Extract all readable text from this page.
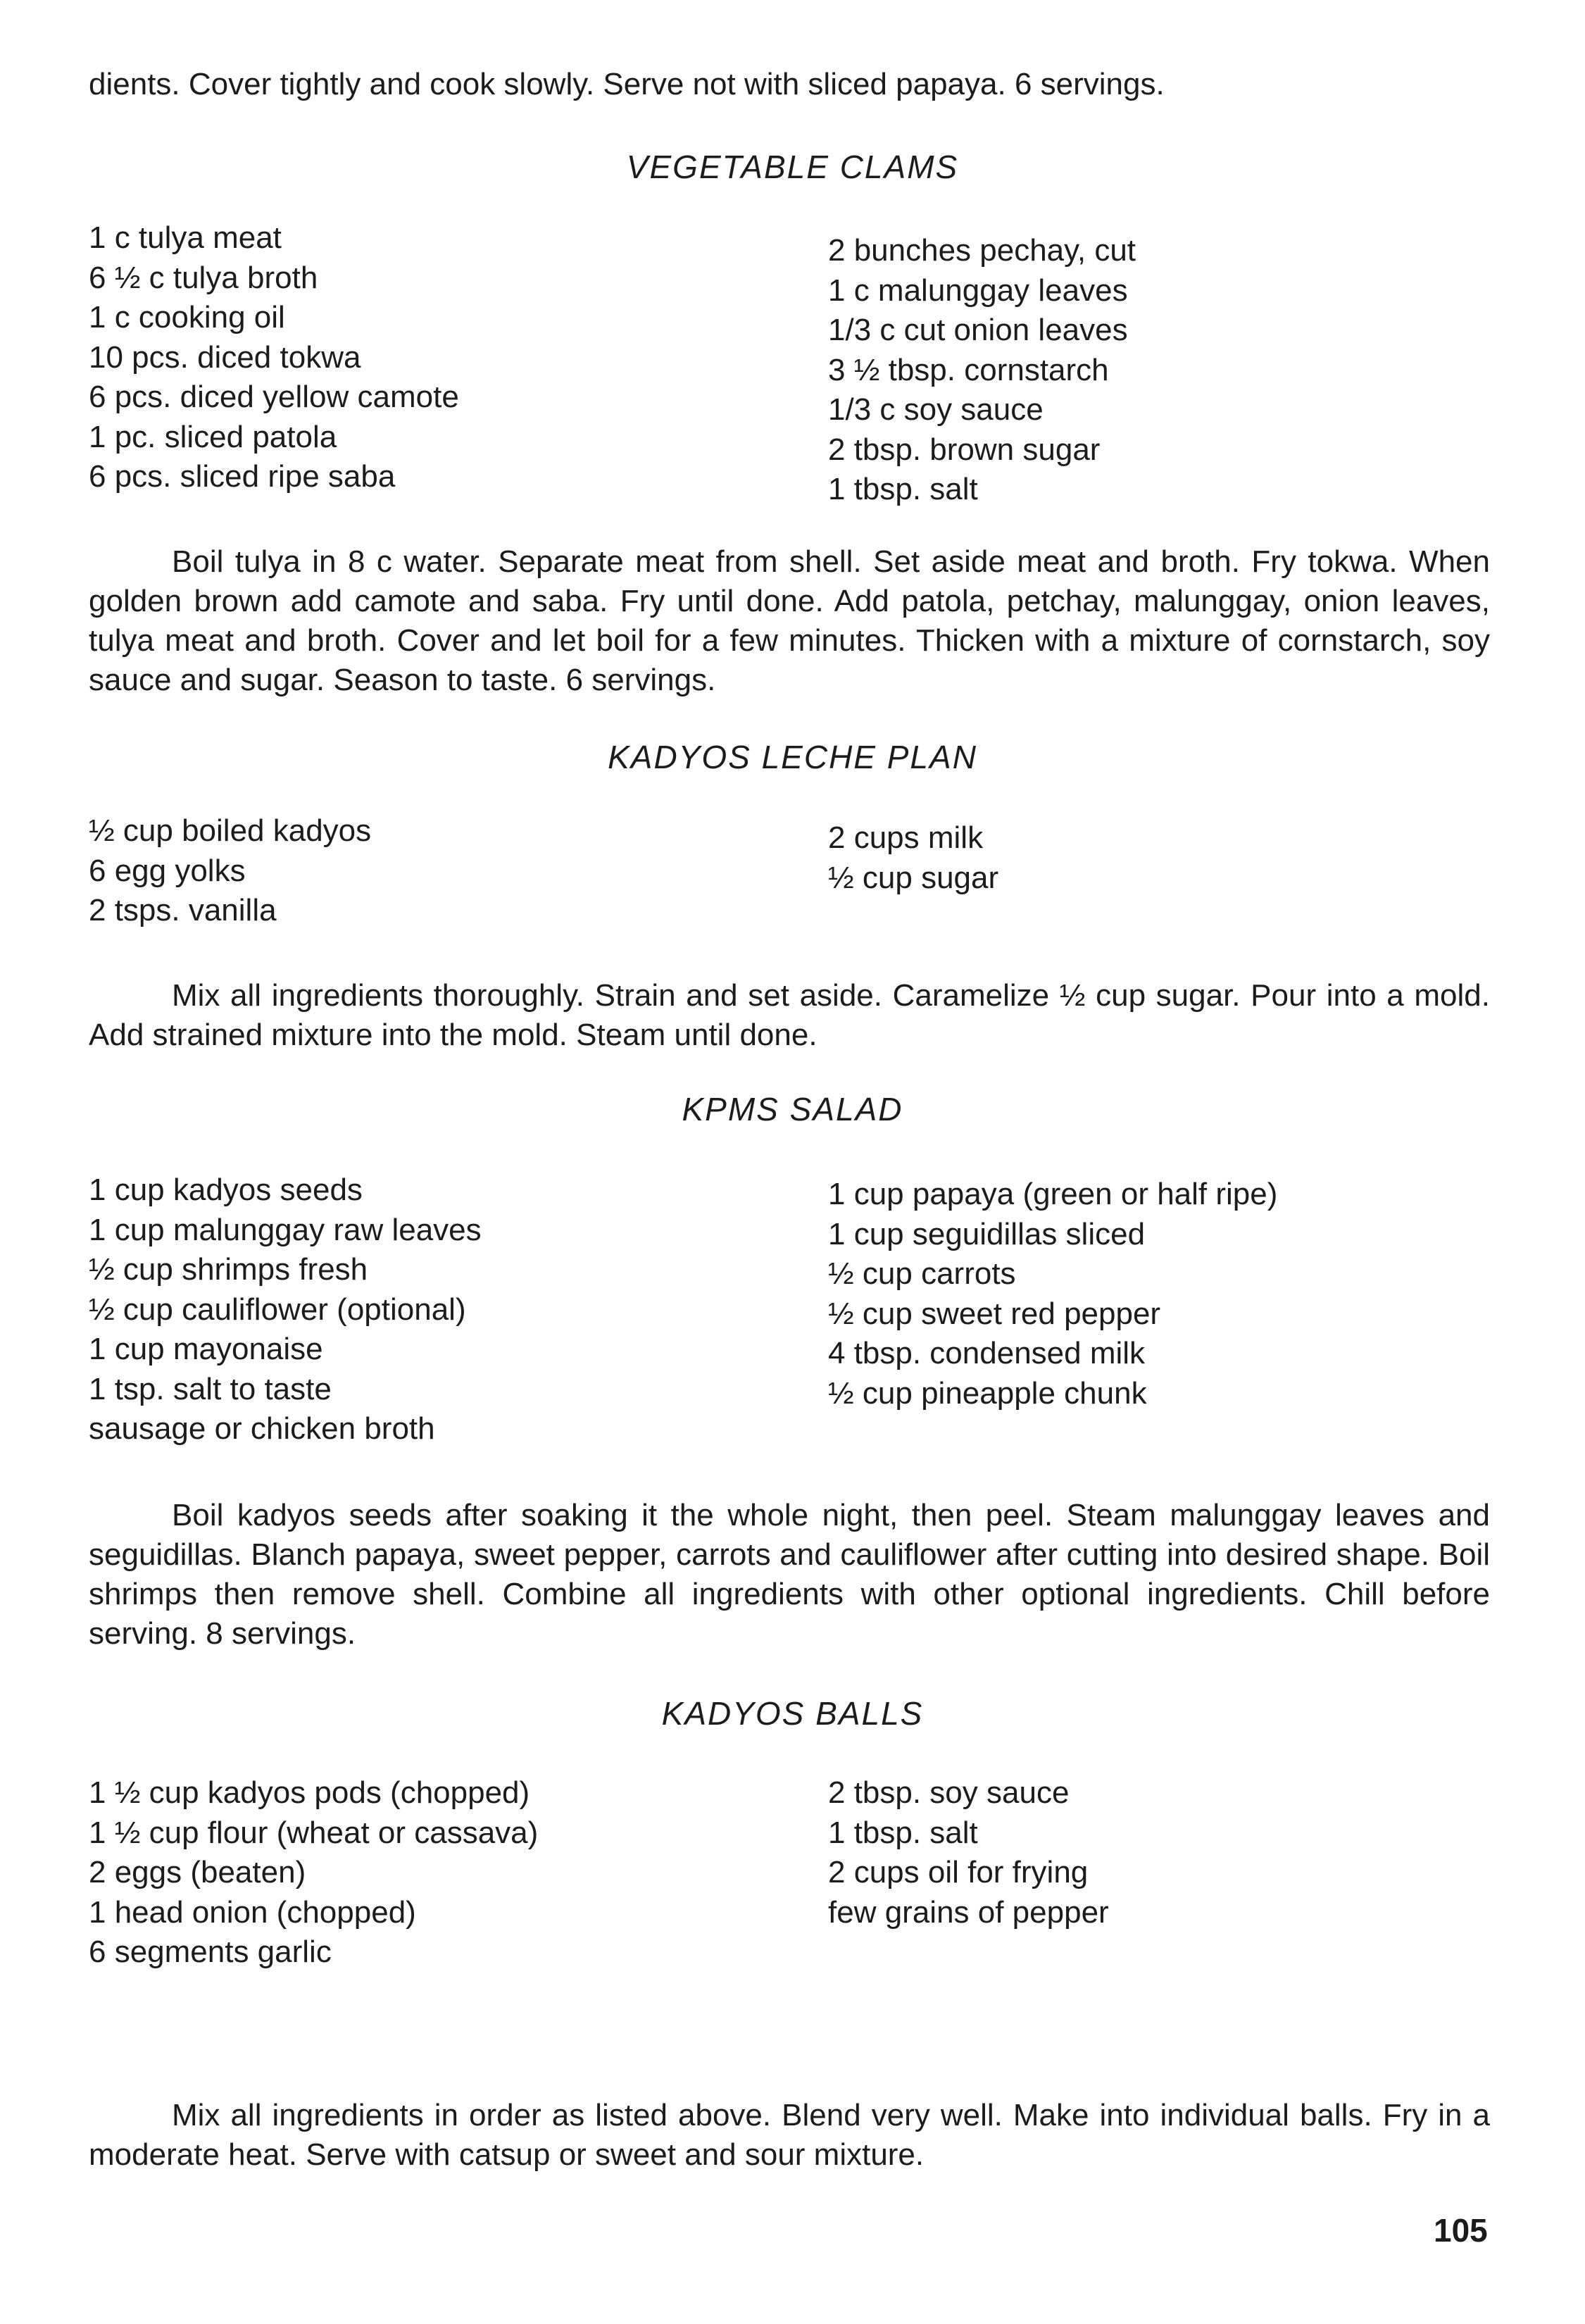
dients. Cover tightly and cook slowly. Serve not with sliced papaya. 6 servings.

VEGETABLE CLAMS
1 c tulya meat
6 ½ c tulya broth
1 c cooking oil
10 pcs. diced tokwa
6 pcs. diced yellow camote
1 pc. sliced patola
6 pcs. sliced ripe saba
2 bunches pechay, cut
1 c malunggay leaves
1/3 c cut onion leaves
3 ½ tbsp. cornstarch
1/3 c soy sauce
2 tbsp. brown sugar
1 tbsp. salt

Boil tulya in 8 c water. Separate meat from shell. Set aside meat and broth. Fry tokwa. When golden brown add camote and saba. Fry until done. Add patola, petchay, malunggay, onion leaves, tulya meat and broth. Cover and let boil for a few minutes. Thicken with a mixture of cornstarch, soy sauce and sugar. Season to taste. 6 servings.

KADYOS LECHE PLAN
½ cup boiled kadyos
6 egg yolks
2 tsps. vanilla
2 cups milk
½ cup sugar

Mix all ingredients thoroughly. Strain and set aside. Caramelize ½ cup sugar. Pour into a mold. Add strained mixture into the mold. Steam until done.

KPMS SALAD
1 cup kadyos seeds
1 cup malunggay raw leaves
½ cup shrimps fresh
½ cup cauliflower (optional)
1 cup mayonaise
1 tsp. salt to taste
sausage or chicken broth
1 cup papaya (green or half ripe)
1 cup seguidillas sliced
½ cup carrots
½ cup sweet red pepper
4 tbsp. condensed milk
½ cup pineapple chunk

Boil kadyos seeds after soaking it the whole night, then peel. Steam malunggay leaves and seguidillas. Blanch papaya, sweet pepper, carrots and cauliflower after cutting into desired shape. Boil shrimps then remove shell. Combine all ingredients with other optional ingredients. Chill before serving. 8 servings.

KADYOS BALLS
1 ½ cup kadyos pods (chopped)
1 ½ cup flour (wheat or cassava)
2 eggs (beaten)
1 head onion (chopped)
6 segments garlic
2 tbsp. soy sauce
1 tbsp. salt
2 cups oil for frying
few grains of pepper

Mix all ingredients in order as listed above. Blend very well. Make into individual balls. Fry in a moderate heat. Serve with catsup or sweet and sour mixture.

105
